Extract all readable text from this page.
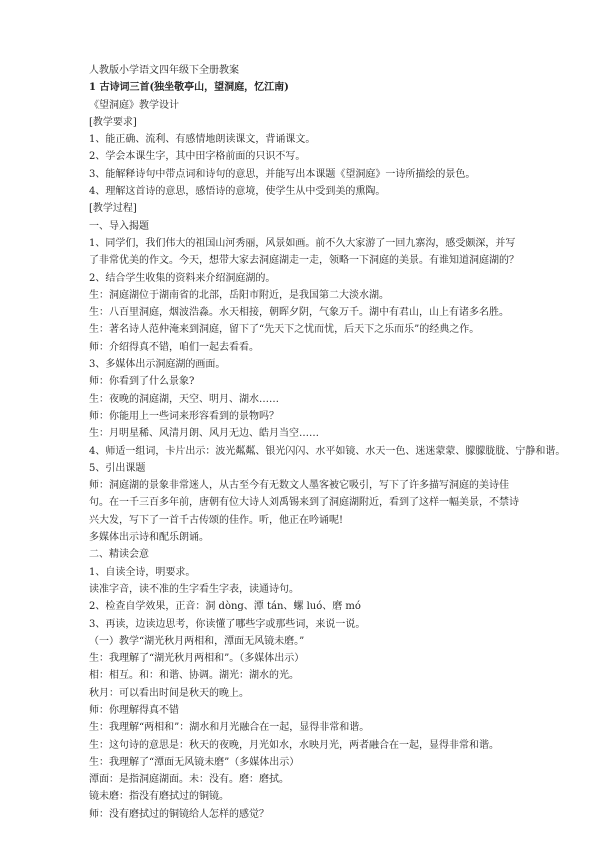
人教版小学语文四年级下全册教案

1 古诗词三首(独坐敬亭山，望洞庭，忆江南)

《望洞庭》教学设计

[教学要求]

1、能正确、流利、有感情地朗读课文，背诵课文。

2、学会本课生字，其中田字格前面的只识不写。

3、能解释诗句中带点词和诗句的意思，并能写出本课题《望洞庭》一诗所描绘的景色。

4、理解这首诗的意思，感悟诗的意境，使学生从中受到美的熏陶。

[教学过程]

一、导入揭题

1、同学们，我们伟大的祖国山河秀丽，风景如画。前不久大家游了一回九寨沟，感受颇深，并写了非常优美的作文。今天，想带大家去洞庭湖走一走，领略一下洞庭的美景。有谁知道洞庭湖的？

2、结合学生收集的资料来介绍洞庭湖的。

生：洞庭湖位于湖南省的北部，岳阳市附近，是我国第二大淡水湖。

生：八百里洞庭，烟波浩淼。水天相接，朝晖夕阴，气象万千。湖中有君山，山上有诸多名胜。

生：著名诗人范仲淹来到洞庭，留下了“先天下之忧而忧，后天下之乐而乐”的经典之作。

师：介绍得真不错，咱们一起去看看。

3、多媒体出示洞庭湖的画面。

师：你看到了什么景象?

生：夜晚的洞庭湖，天空、明月、湖水……

师：你能用上一些词来形容看到的景物吗？

生：月明星稀、风清月朗、风月无边、皓月当空……

4、师适一组词，卡片出示：波光粼粼、银光闪闪、水平如镜、水天一色、迷迷蒙蒙、朦朦胧胧、宁静和谐。

5、引出课题

师：洞庭湖的景象非常迷人，从古至今有无数文人墨客被它吸引，写下了许多描写洞庭的美诗佳句。在一千三百多年前，唐朝有位大诗人刘禹锡来到了洞庭湖附近，看到了这样一幅美景，不禁诗兴大发，写下了一首千古传颂的佳作。听，他正在吟诵呢!

多媒体出示诗和配乐朗诵。

二、精读会意

1、自读全诗，明要求。

读准字音，读不准的生字看生字表，读通诗句。

2、检查自学效果，正音：洞 dòng、潭 tán、螺 luó、磨 mó

3、再读，边读边思考，你读懂了哪些字或那些词，来说一说。

（一）教学“湖光秋月两相和，潭面无风镜未磨。”

生：我理解了“湖光秋月两相和”。（多媒体出示）

相：相互。和：和谐、协调。湖光：湖水的光。

秋月：可以看出时间是秋天的晚上。

师：你理解得真不错

生：我理解“两相和”：湖水和月光融合在一起，显得非常和谐。

生：这句诗的意思是：秋天的夜晚，月光如水，水映月光，两者融合在一起，显得非常和谐。

生：我理解了“潭面无风镜未磨”（多媒体出示）

潭面：是指洞庭湖面。未：没有。磨：磨拭。

镜未磨：指没有磨拭过的铜镜。

师：没有磨拭过的铜镜给人怎样的感觉？
